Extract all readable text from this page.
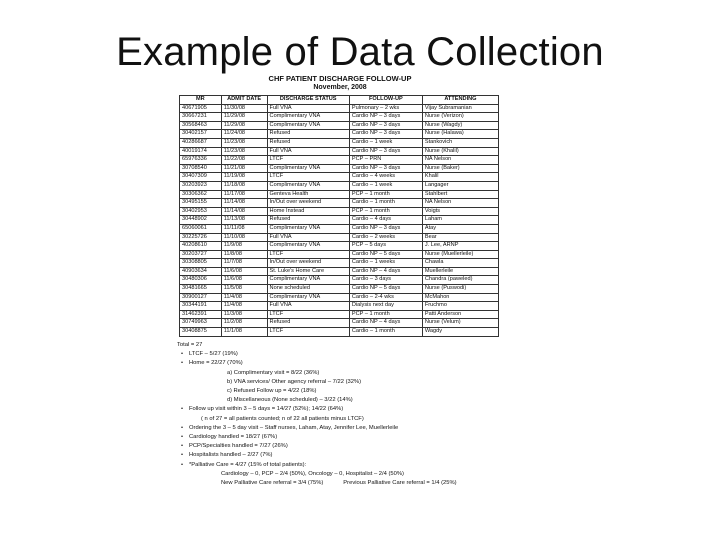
Example of Data Collection
CHF PATIENT DISCHARGE FOLLOW-UP
November, 2008
MR	ADMIT DATE	DISCHARGE STATUS	FOLLOW-UP	ATTENDING
40671905	11/30/08	Full VNA	Pulmonary – 2 wks	Vijay Subramanian
30667231	11/29/08	Complimentary VNA	Cardio NP – 3 days	Nurse (Verizon)
30568463	11/29/08	Complimentary VNA	Cardio NP – 3 days	Nurse (Wagdy)
30402157	11/24/08	Refused	Cardio NP – 3 days	Nurse (Halawa)
40286687	11/23/08	Refused	Cardio – 1 week	Stankovich
40019174	11/23/08	Full VNA	Cardio NP – 3 days	Nurse (Khalil)
65976336	11/22/08	LTCF	PCP – PRN	NA Nelson
30708540	11/21/08	Complimentary VNA	Cardio NP – 3 days	Nurse (Baker)
30407309	11/19/08	LTCF	Cardio – 4 weeks	Khalil
30203923	11/18/08	Complimentary VNA	Cardio – 1 week	Langager
30306362	11/17/08	Genteva Health	PCP – 1 month	Stahlbert
30495155	11/14/08	In/Out over weekend	Cardio – 1 month	NA Nelson
30402953	11/14/08	Home Instead	PCP – 1 month	Voigts
30448902	11/13/08	Refused	Cardio – 4 days	Laham
65060061	11/11/08	Complimentary VNA	Cardio NP – 3 days	Atay
30225726	11/10/08	Full VNA	Cardio – 2 weeks	Bear
40208610	11/9/08	Complimentary VNA	PCP – 5 days	J. Lee, ARNP
30203727	11/8/08	LTCF	Cardio NP – 5 days	Nurse (Muellerleile)
30308805	11/7/08	In/Out over weekend	Cardio – 1 weeks	Chawla
40903634	11/6/08	St. Luke's Home Care	Cardio NP – 4 days	Muellerleile
30480306	11/6/08	Complimentary VNA	Cardio – 3 days	Chandra (paweled)
30481665	11/5/08	None scheduled	Cardio NP – 5 days	Nurse (Puswodi)
30900127	11/4/08	Complimentary VNA	Cardio – 2-4 wks	McMahon
30344191	11/4/08	Full VNA	Dialysis next day	Fruchmo
31462391	11/3/08	LTCF	PCP – 1 month	Patti Anderson
30749963	11/2/08	Refused	Cardio NP – 4 days	Nurse (Velum)
30408875	11/1/08	LTCF	Cardio – 1 month	Wagdy
Total = 27
• LTCF – 5/27 (19%)
• Home = 22/27 (70%)
a) Complimentary visit = 8/22 (36%)
b) VNA services/ Other agency referral – 7/22 (32%)
c) Refused Follow up = 4/22 (18%)
d) Miscellaneous (None scheduled) – 3/22 (14%)
• Follow up visit within 3 – 5 days = 14/27 (52%); 14/22 (64%)
( n of 27 = all patients counted; n of 22 all patients minus LTCF)
• Ordering the 3 – 5 day visit – Staff nurses, Laham, Atay, Jennifer Lee, Muellerleile
• Cardiology handled = 18/27 (67%)
• PCP/Specialties handled = 7/27 (26%)
• Hospitalists handled – 2/27 (7%)
• *Palliative Care = 4/27 (15% of total patients):
Cardiology – 0, PCP – 2/4 (50%), Oncology – 0, Hospitalist – 2/4 (50%)
New Palliative Care referral = 3/4 (75%)	Previous Palliative Care referral = 1/4 (25%)
